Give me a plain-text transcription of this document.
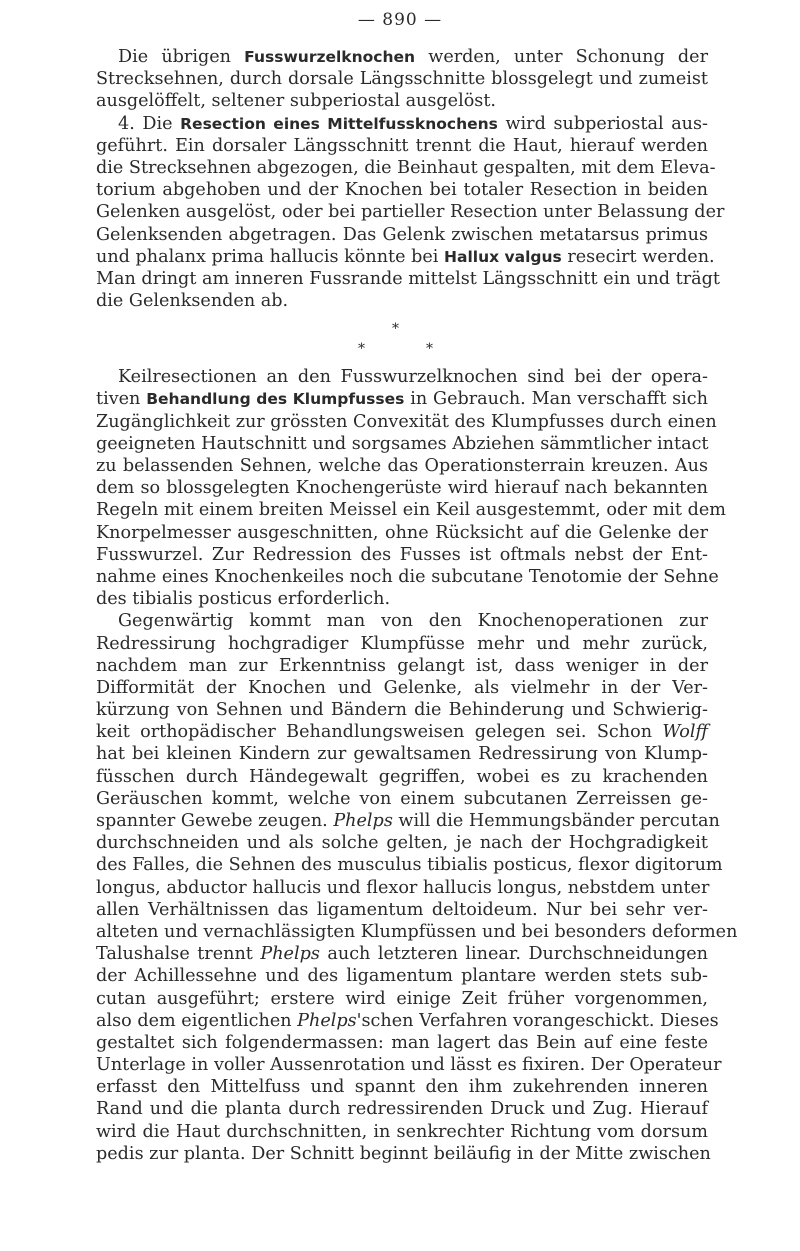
— 890 —
Die übrigen Fusswurzelknochen werden, unter Schonung der
Strecksehnen, durch dorsale Längsschnitte blossgelegt und zumeist
ausgelöffelt, seltener subperiostal ausgelöst.
4. Die Resection eines Mittelfussknochens wird subperiostal aus-
geführt. Ein dorsaler Längsschnitt trennt die Haut, hierauf werden
die Strecksehnen abgezogen, die Beinhaut gespalten, mit dem Eleva-
torium abgehoben und der Knochen bei totaler Resection in beiden
Gelenken ausgelöst, oder bei partieller Resection unter Belassung der
Gelenksenden abgetragen. Das Gelenk zwischen metatarsus primus
und phalanx prima hallucis könnte bei Hallux valgus resecirt werden.
Man dringt am inneren Fussrande mittelst Längsschnitt ein und trägt
die Gelenksenden ab.
*
*	*
Keilresectionen an den Fusswurzelknochen sind bei der opera-
tiven Behandlung des Klumpfusses in Gebrauch. Man verschafft sich
Zugänglichkeit zur grössten Convexität des Klumpfusses durch einen
geeigneten Hautschnitt und sorgsames Abziehen sämmtlicher intact
zu belassenden Sehnen, welche das Operationsterrain kreuzen. Aus
dem so blossgelegten Knochengerüste wird hierauf nach bekannten
Regeln mit einem breiten Meissel ein Keil ausgestemmt, oder mit dem
Knorpelmesser ausgeschnitten, ohne Rücksicht auf die Gelenke der
Fusswurzel. Zur Redression des Fusses ist oftmals nebst der Ent-
nahme eines Knochenkeiles noch die subcutane Tenotomie der Sehne
des tibialis posticus erforderlich.
Gegenwärtig kommt man von den Knochenoperationen zur
Redressirung hochgradiger Klumpfüsse mehr und mehr zurück,
nachdem man zur Erkenntniss gelangt ist, dass weniger in der
Difformität der Knochen und Gelenke, als vielmehr in der Ver-
kürzung von Sehnen und Bändern die Behinderung und Schwierig-
keit orthopädischer Behandlungsweisen gelegen sei. Schon Wolff
hat bei kleinen Kindern zur gewaltsamen Redressirung von Klump-
füsschen durch Händegewalt gegriffen, wobei es zu krachenden
Geräuschen kommt, welche von einem subcutanen Zerreissen ge-
spannter Gewebe zeugen. Phelps will die Hemmungsbänder percutan
durchschneiden und als solche gelten, je nach der Hochgradigkeit
des Falles, die Sehnen des musculus tibialis posticus, flexor digitorum
longus, abductor hallucis und flexor hallucis longus, nebstdem unter
allen Verhältnissen das ligamentum deltoideum. Nur bei sehr ver-
alteten und vernachlässigten Klumpfüssen und bei besonders deformen
Talushalse trennt Phelps auch letzteren linear. Durchschneidungen
der Achillessehne und des ligamentum plantare werden stets sub-
cutan ausgeführt; erstere wird einige Zeit früher vorgenommen,
also dem eigentlichen Phelps'schen Verfahren vorangeschickt. Dieses
gestaltet sich folgendermassen: man lagert das Bein auf eine feste
Unterlage in voller Aussenrotation und lässt es fixiren. Der Operateur
erfasst den Mittelfuss und spannt den ihm zukehrenden inneren
Rand und die planta durch redressirenden Druck und Zug. Hierauf
wird die Haut durchschnitten, in senkrechter Richtung vom dorsum
pedis zur planta. Der Schnitt beginnt beiläufig in der Mitte zwischen
